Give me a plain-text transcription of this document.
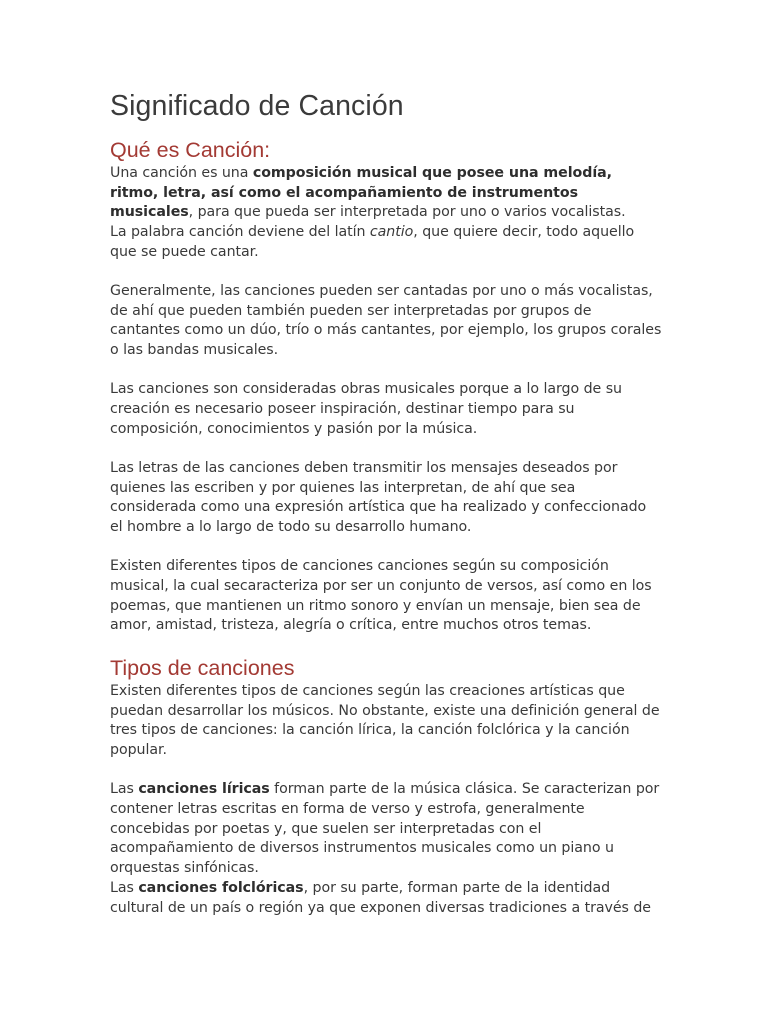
Significado de Canción
Qué es Canción:

Una canción es una composición musical que posee una melodía, ritmo, letra, así como el acompañamiento de instrumentos musicales, para que pueda ser interpretada por uno o varios vocalistas.

La palabra canción deviene del latín cantio, que quiere decir, todo aquello que se puede cantar.

Generalmente, las canciones pueden ser cantadas por uno o más vocalistas, de ahí que pueden también pueden ser interpretadas por grupos de cantantes como un dúo, trío o más cantantes, por ejemplo, los grupos corales o las bandas musicales.

Las canciones son consideradas obras musicales porque a lo largo de su creación es necesario poseer inspiración, destinar tiempo para su composición, conocimientos y pasión por la música.

Las letras de las canciones deben transmitir los mensajes deseados por quienes las escriben y por quienes las interpretan, de ahí que sea considerada como una expresión artística que ha realizado y confeccionado el hombre a lo largo de todo su desarrollo humano.

Existen diferentes tipos de canciones canciones según su composición musical, la cual secaracteriza por ser un conjunto de versos, así como en los poemas, que mantienen un ritmo sonoro y envían un mensaje, bien sea de amor, amistad, tristeza, alegría o crítica, entre muchos otros temas.

Tipos de canciones

Existen diferentes tipos de canciones según las creaciones artísticas que puedan desarrollar los músicos. No obstante, existe una definición general de tres tipos de canciones: la canción lírica, la canción folclórica y la canción popular.

Las canciones líricas forman parte de la música clásica. Se caracterizan por contener letras escritas en forma de verso y estrofa, generalmente concebidas por poetas y, que suelen ser interpretadas con el acompañamiento de diversos instrumentos musicales como un piano u orquestas sinfónicas.

Las canciones folclóricas, por su parte, forman parte de la identidad cultural de un país o región ya que exponen diversas tradiciones a través de
